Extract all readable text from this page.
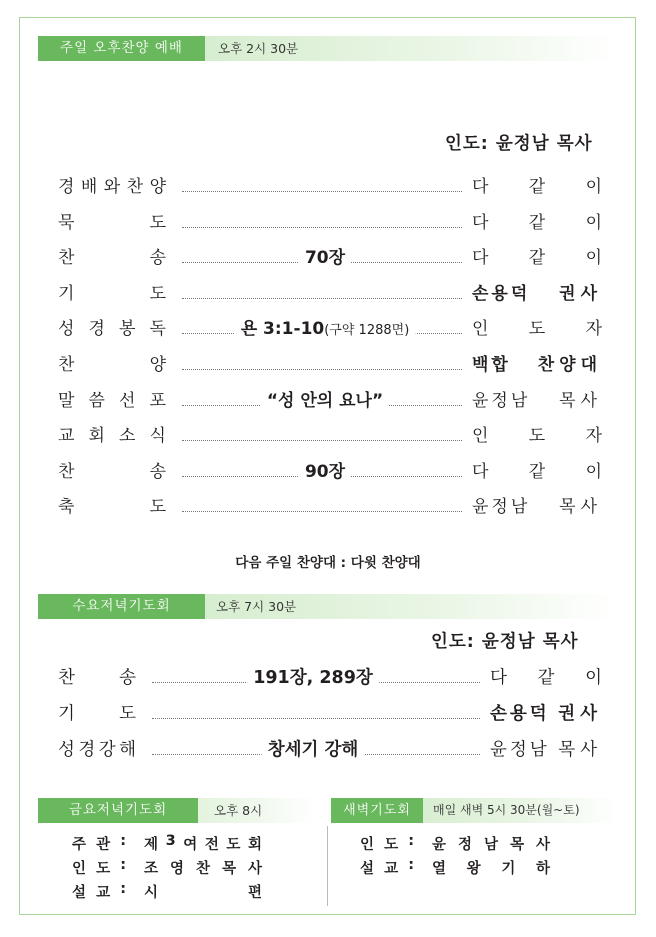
주일 오후찬양 예배	오후 2시 30분
인도: 윤정남 목사
경 배 와 찬 양	다 같 이
묵	도	다 같 이
찬	송	70장	다 같 이
기	도	손용덕 권사
성 경 봉 독	욘 3:1-10(구약 1288면)	인 도 자
찬	양	백합 찬양대
말 씀 선 포	“성 안의 요나”	윤정남 목사
교 회 소 식	인 도 자
찬	송	90장	다 같 이
축	도	윤정남 목사
다음 주일 찬양대 : 다윗 찬양대
수요저녁기도회	오후 7시 30분
인도: 윤정남 목사
찬	송	191장, 289장	다 같 이
기	도	손용덕 권사
성 경 강 해	창세기 강해	윤정남 목사
금요저녁기도회	오후 8시
주 관 : 제 3 여 전 도 회
인 도 : 조 영 찬 목 사
설 교 : 시	편
새벽기도회	매일 새벽 5시 30분(월~토)
인 도 : 윤 정 남 목 사
설 교 : 열 왕 기 하
